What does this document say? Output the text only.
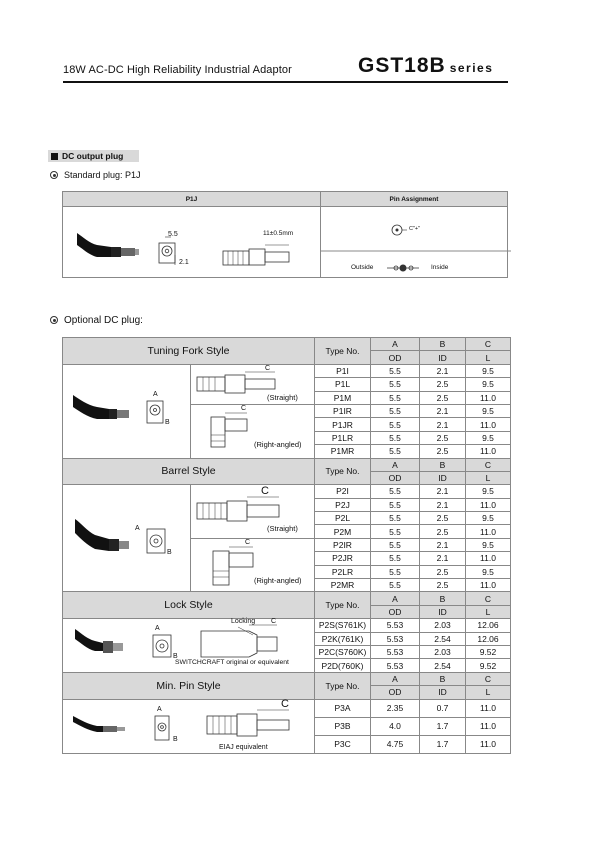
18W AC-DC High Reliability Industrial Adaptor	GST18B series
DC output plug
Standard plug: P1J
P1J	Pin Assignment

5.5
2.1
11±0.5mm	C"+"
Outside Inside
Optional DC plug:
Tuning Fork Style		Type No.	A	B	C
			OD	ID	L

A
B	C
(Straight)	P1I	5.5	2.1	9.5
		P1L	5.5	2.5	9.5
		P1M	5.5	2.5	11.0

	C
(Right-angled)	P1IR	5.5	2.1	9.5
		P1JR	5.5	2.1	11.0
		P1LR	5.5	2.5	9.5
		P1MR	5.5	2.5	11.0
Barrel Style		Type No.	A	B	C
			OD	ID	L

A
B	C
(Straight)	P2I	5.5	2.1	9.5
		P2J	5.5	2.1	11.0
		P2L	5.5	2.5	9.5
		P2M	5.5	2.5	11.0

	C
(Right-angled)	P2IR	5.5	2.1	9.5
		P2JR	5.5	2.1	11.0
		P2LR	5.5	2.5	9.5
		P2MR	5.5	2.5	11.0
Lock Style		Type No.	A	B	C
			OD	ID	L

A
B
C
Locking
SWITCHCRAFT original or equivalent		P2S(S761K)	5.53	2.03	12.06
		P2K(761K)	5.53	2.54	12.06
		P2C(S760K)	5.53	2.03	9.52
		P2D(760K)	5.53	2.54	9.52
Min. Pin Style		Type No.	A	B	C
			OD	ID	L

A
B
C
EIAJ equivalent		P3A	2.35	0.7	11.0
		P3B	4.0	1.7	11.0
		P3C	4.75	1.7	11.0
